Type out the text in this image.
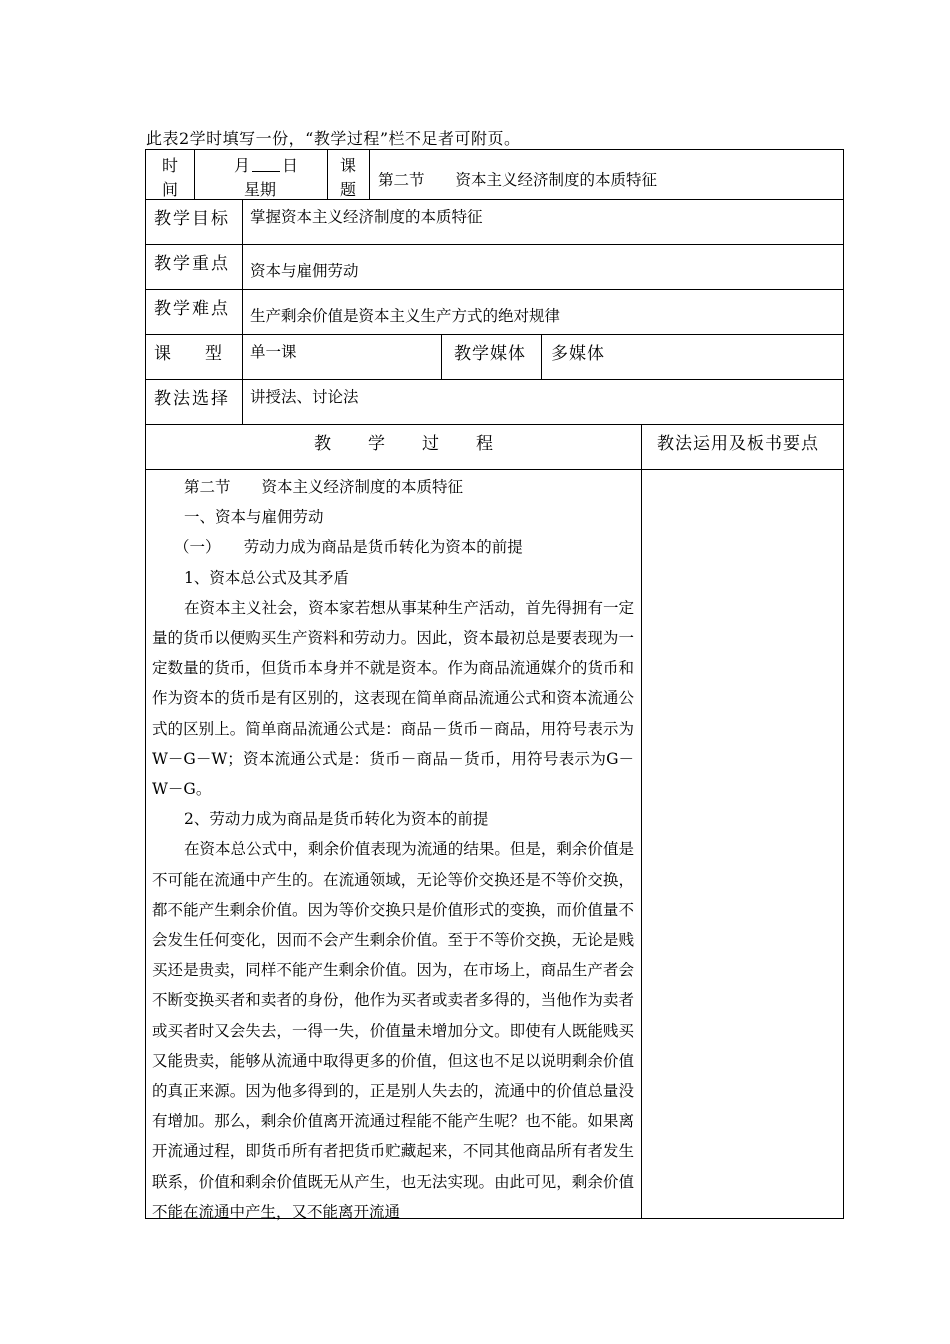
此表2学时填写一份，“教学过程”栏不足者可附页。
时
间
月 日
星期
课
题 第二节　　资本主义经济制度的本质特征
教学目标 掌握资本主义经济制度的本质特征
教学重点 资本与雇佣劳动
教学难点 生产剩余价值是资本主义生产方式的绝对规律
课　　型 单一课	教学媒体 多媒体
教法选择 讲授法、讨论法
教　　学　　过　　程	教法运用及板书要点

第二节　　资本主义经济制度的本质特征

一、资本与雇佣劳动

（一）　　劳动力成为商品是货币转化为资本的前提

1、资本总公式及其矛盾

在资本主义社会，资本家若想从事某种生产活动，首先得拥有一定量的货币以便购买生产资料和劳动力。因此，资本最初总是要表现为一定数量的货币，但货币本身并不就是资本。作为商品流通媒介的货币和作为资本的货币是有区别的，这表现在简单商品流通公式和资本流通公式的区别上。简单商品流通公式是：商品－货币－商品，用符号表示为W－G－W；资本流通公式是：货币－商品－货币，用符号表示为G－W－G。

2、劳动力成为商品是货币转化为资本的前提

在资本总公式中，剩余价值表现为流通的结果。但是，剩余价值是不可能在流通中产生的。在流通领域，无论等价交换还是不等价交换，都不能产生剩余价值。因为等价交换只是价值形式的变换，而价值量不会发生任何变化，因而不会产生剩余价值。至于不等价交换，无论是贱买还是贵卖，同样不能产生剩余价值。因为，在市场上，商品生产者会不断变换买者和卖者的身份，他作为买者或卖者多得的，当他作为卖者或买者时又会失去，一得一失，价值量未增加分文。即使有人既能贱买又能贵卖，能够从流通中取得更多的价值，但这也不足以说明剩余价值的真正来源。因为他多得到的，正是别人失去的，流通中的价值总量没有增加。那么，剩余价值离开流通过程能不能产生呢？也不能。如果离开流通过程，即货币所有者把货币贮藏起来，不同其他商品所有者发生联系，价值和剩余价值既无从产生，也无法实现。由此可见，剩余价值不能在流通中产生，又不能离开流通
